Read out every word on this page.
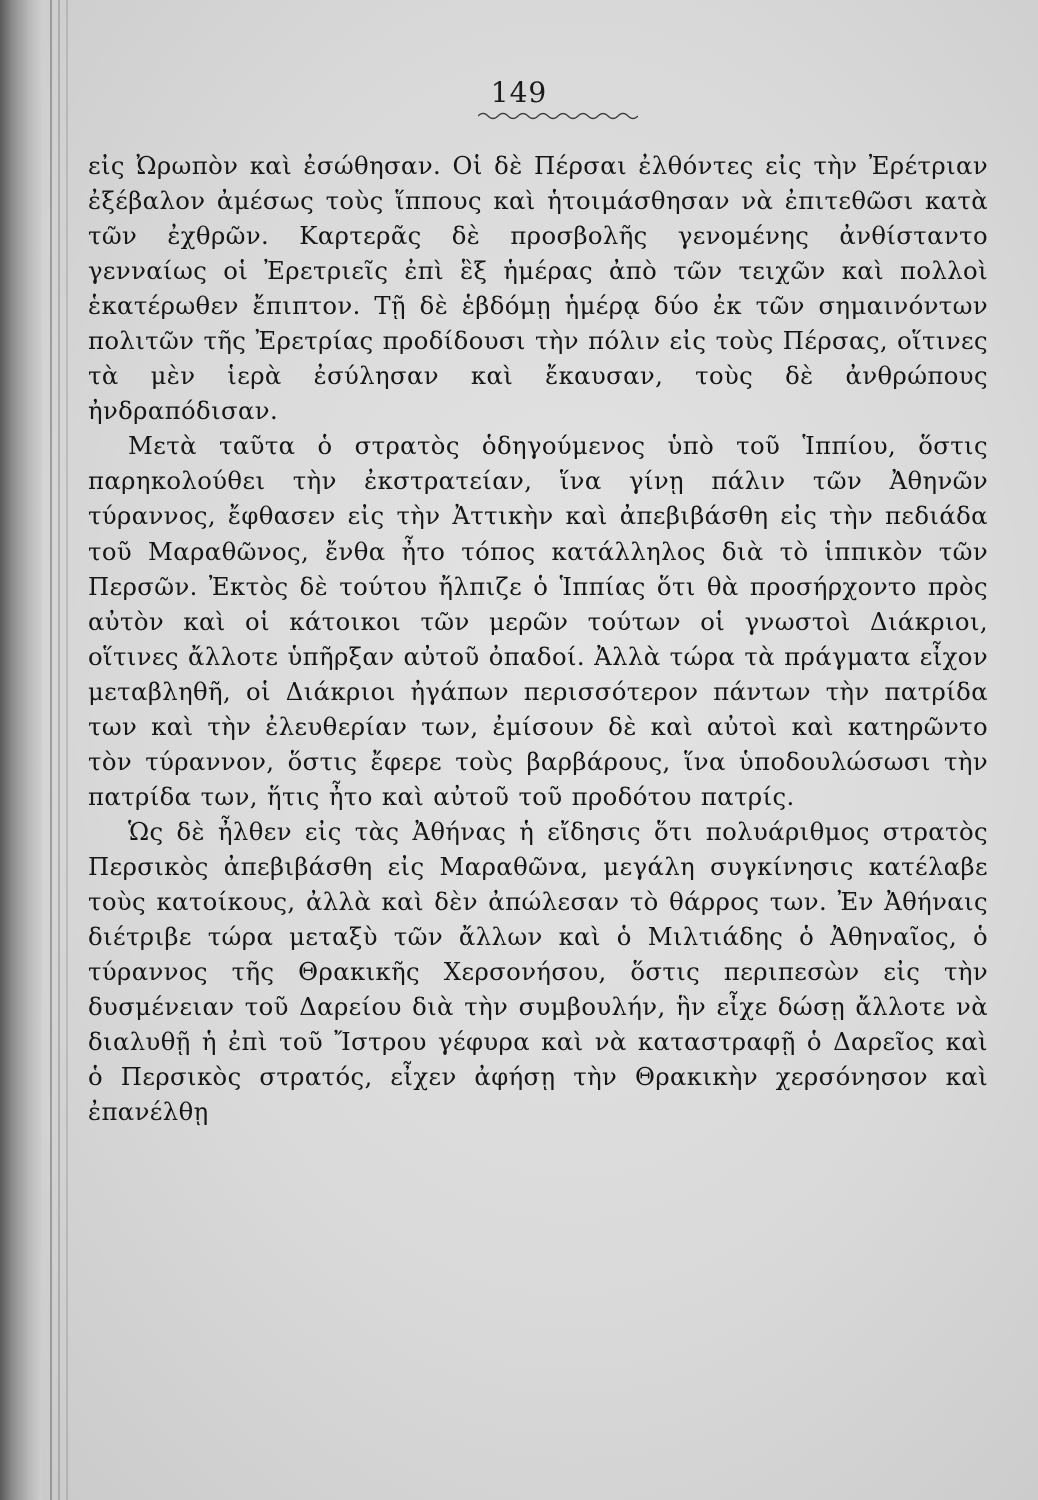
149

εἰς Ὠρωπὸν καὶ ἐσώθησαν. Οἱ δὲ Πέρσαι ἐλθόντες εἰς τὴν Ἐρέτριαν ἐξέβαλον ἀμέσως τοὺς ἵππους καὶ ἡτοιμάσθησαν νὰ ἐπιτεθῶσι κατὰ τῶν ἐχθρῶν. Καρτερᾶς δὲ προσβολῆς γενομένης ἀνθίσταντο γενναίως οἱ Ἐρετριεῖς ἐπὶ ἓξ ἡμέρας ἀπὸ τῶν τειχῶν καὶ πολλοὶ ἑκατέρωθεν ἔπιπτον. Τῇ δὲ ἑβδόμῃ ἡμέρᾳ δύο ἐκ τῶν σημαινόντων πολιτῶν τῆς Ἐρετρίας προδίδουσι τὴν πόλιν εἰς τοὺς Πέρσας, οἵτινες τὰ μὲν ἱερὰ ἐσύλησαν καὶ ἔκαυσαν, τοὺς δὲ ἀνθρώπους ἠνδραπόδισαν.

Μετὰ ταῦτα ὁ στρατὸς ὁδηγούμενος ὑπὸ τοῦ Ἱππίου, ὅστις παρηκολούθει τὴν ἐκστρατείαν, ἵνα γίνῃ πάλιν τῶν Ἀθηνῶν τύραννος, ἔφθασεν εἰς τὴν Ἀττικὴν καὶ ἀπεβιβάσθη εἰς τὴν πεδιάδα τοῦ Μαραθῶνος, ἔνθα ἦτο τόπος κατάλληλος διὰ τὸ ἱππικὸν τῶν Περσῶν. Ἐκτὸς δὲ τούτου ἤλπιζε ὁ Ἱππίας ὅτι θὰ προσήρχοντο πρὸς αὐτὸν καὶ οἱ κάτοικοι τῶν μερῶν τούτων οἱ γνωστοὶ Διάκριοι, οἵτινες ἄλλοτε ὑπῆρξαν αὐτοῦ ὀπαδοί. Ἀλλὰ τώρα τὰ πράγματα εἶχον μεταβληθῆ, οἱ Διάκριοι ἠγάπων περισσότερον πάντων τὴν πατρίδα των καὶ τὴν ἐλευθερίαν των, ἐμίσουν δὲ καὶ αὐτοὶ καὶ κατηρῶντο τὸν τύραννον, ὅστις ἔφερε τοὺς βαρβάρους, ἵνα ὑποδουλώσωσι τὴν πατρίδα των, ἥτις ἦτο καὶ αὐτοῦ τοῦ προδότου πατρίς.

Ὡς δὲ ἦλθεν εἰς τὰς Ἀθήνας ἡ εἴδησις ὅτι πολυάριθμος στρατὸς Περσικὸς ἀπεβιβάσθη εἰς Μαραθῶνα, μεγάλη συγκίνησις κατέλαβε τοὺς κατοίκους, ἀλλὰ καὶ δὲν ἀπώλεσαν τὸ θάρρος των. Ἐν Ἀθήναις διέτριβε τώρα μεταξὺ τῶν ἄλλων καὶ ὁ Μιλτιάδης ὁ Ἀθηναῖος, ὁ τύραννος τῆς Θρακικῆς Χερσονήσου, ὅστις περιπεσὼν εἰς τὴν δυσμένειαν τοῦ Δαρείου διὰ τὴν συμβουλήν, ἣν εἶχε δώσῃ ἄλλοτε νὰ διαλυθῇ ἡ ἐπὶ τοῦ Ἴστρου γέφυρα καὶ νὰ καταστραφῇ ὁ Δαρεῖος καὶ ὁ Περσικὸς στρατός, εἶχεν ἀφήσῃ τὴν Θρακικὴν χερσόνησον καὶ ἐπανέλθῃ
